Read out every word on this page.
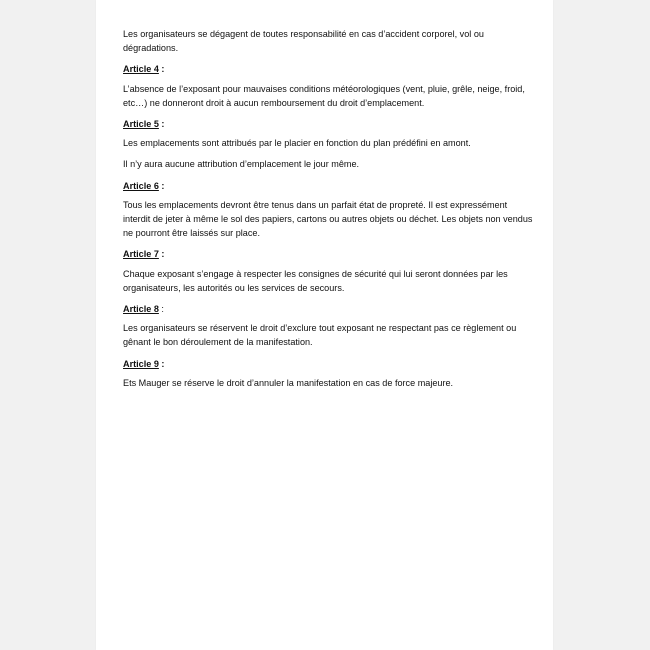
Les organisateurs se dégagent de toutes responsabilité en cas d’accident corporel, vol ou dégradations.

Article 4 :

L’absence de l’exposant pour mauvaises conditions météorologiques (vent, pluie, grêle, neige, froid, etc…) ne donneront droit à aucun remboursement du droit d’emplacement.

Article 5 :

Les emplacements sont attribués par le placier en fonction du plan prédéfini en amont.

Il n’y aura aucune attribution d’emplacement le jour même.

Article 6 :

Tous les emplacements devront être tenus dans un parfait état de propreté. Il est expressément interdit de jeter à même le sol des papiers, cartons ou autres objets ou déchet. Les objets non vendus ne pourront être laissés sur place.

Article 7 :

Chaque exposant s’engage à respecter les consignes de sécurité qui lui seront données par les organisateurs, les autorités ou les services de secours.

Article 8 :

Les organisateurs se réservent le droit d’exclure tout exposant ne respectant pas ce règlement ou gênant le bon déroulement de la manifestation.

Article 9 :

Ets Mauger se réserve le droit d’annuler la manifestation en cas de force majeure.
